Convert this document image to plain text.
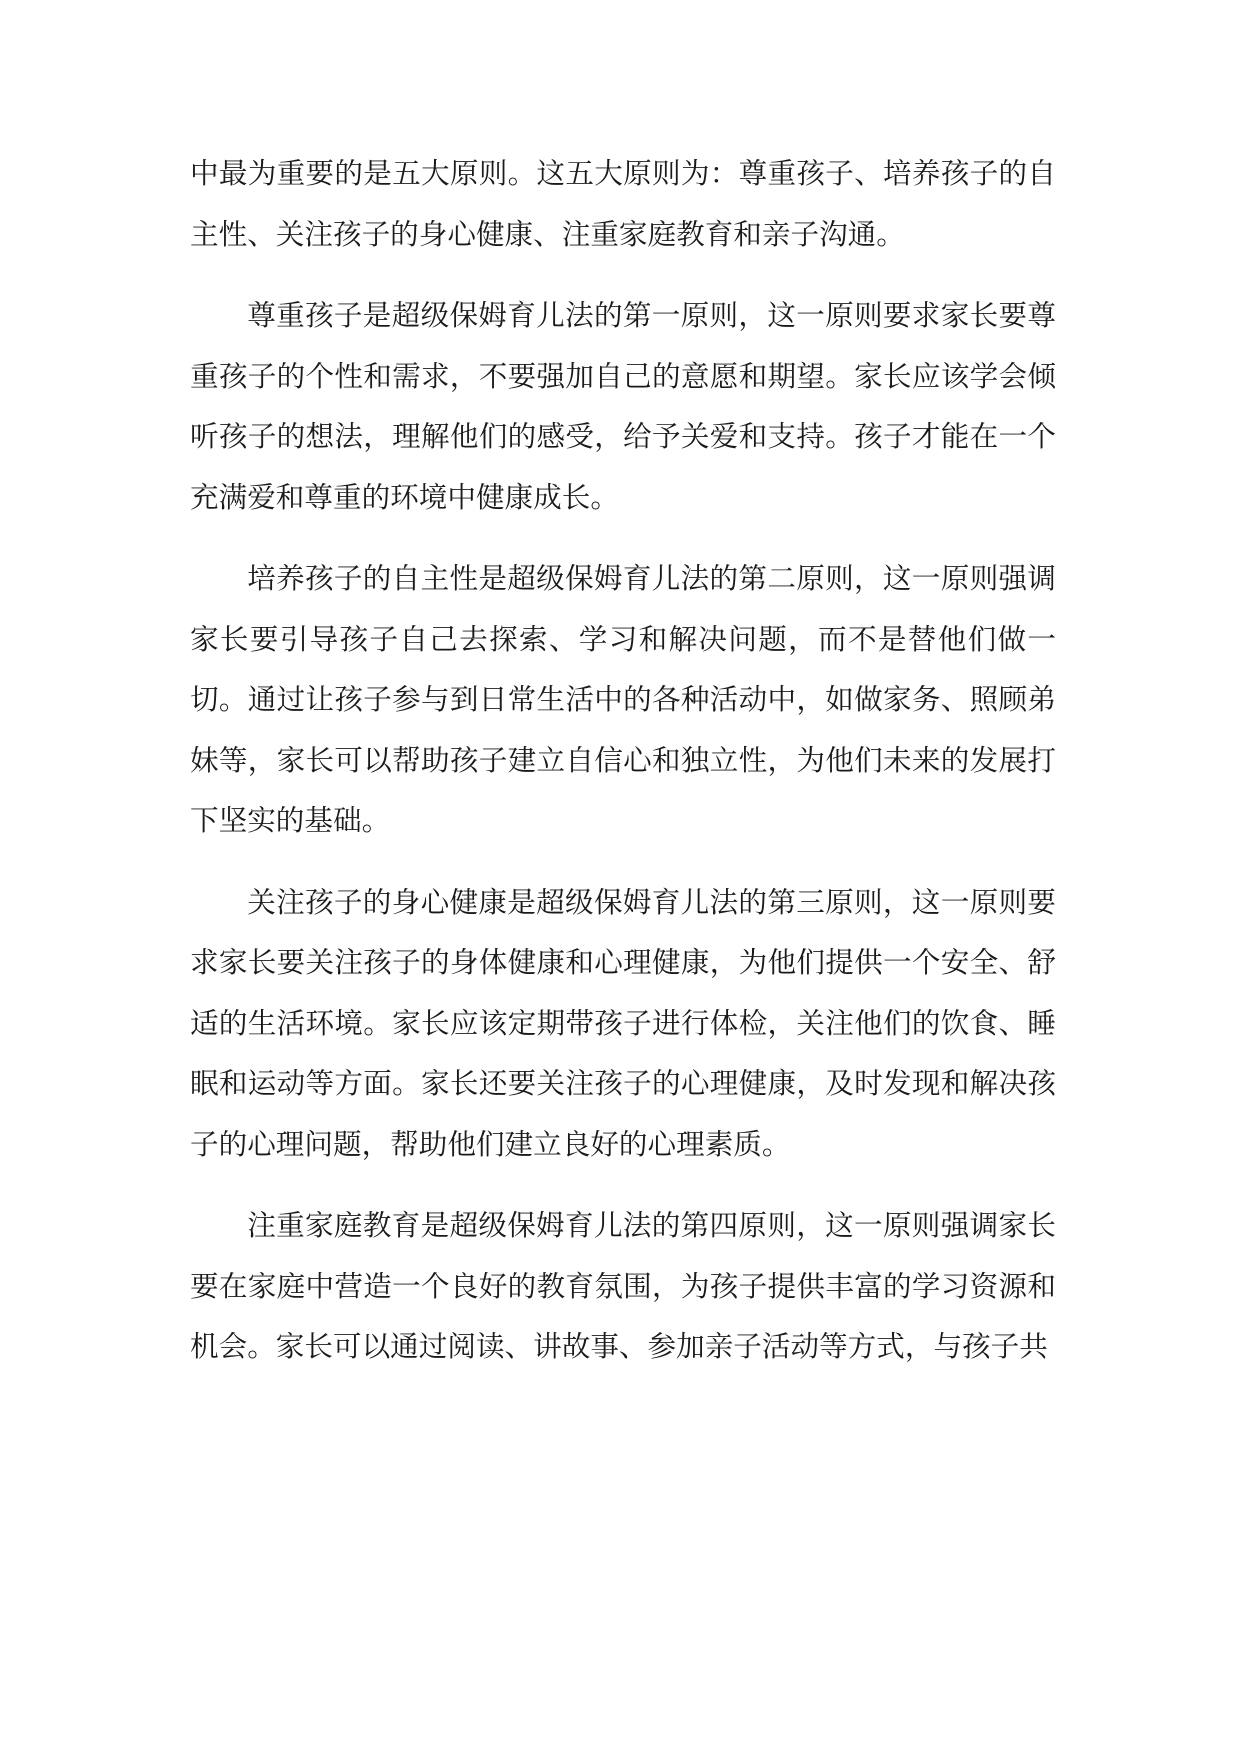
中最为重要的是五大原则。这五大原则为：尊重孩子、培养孩子的自主性、关注孩子的身心健康、注重家庭教育和亲子沟通。

尊重孩子是超级保姆育儿法的第一原则，这一原则要求家长要尊重孩子的个性和需求，不要强加自己的意愿和期望。家长应该学会倾听孩子的想法，理解他们的感受，给予关爱和支持。孩子才能在一个充满爱和尊重的环境中健康成长。

培养孩子的自主性是超级保姆育儿法的第二原则，这一原则强调家长要引导孩子自己去探索、学习和解决问题，而不是替他们做一切。通过让孩子参与到日常生活中的各种活动中，如做家务、照顾弟妹等，家长可以帮助孩子建立自信心和独立性，为他们未来的发展打下坚实的基础。

关注孩子的身心健康是超级保姆育儿法的第三原则，这一原则要求家长要关注孩子的身体健康和心理健康，为他们提供一个安全、舒适的生活环境。家长应该定期带孩子进行体检，关注他们的饮食、睡眠和运动等方面。家长还要关注孩子的心理健康，及时发现和解决孩子的心理问题，帮助他们建立良好的心理素质。

注重家庭教育是超级保姆育儿法的第四原则，这一原则强调家长要在家庭中营造一个良好的教育氛围，为孩子提供丰富的学习资源和机会。家长可以通过阅读、讲故事、参加亲子活动等方式，与孩子共
